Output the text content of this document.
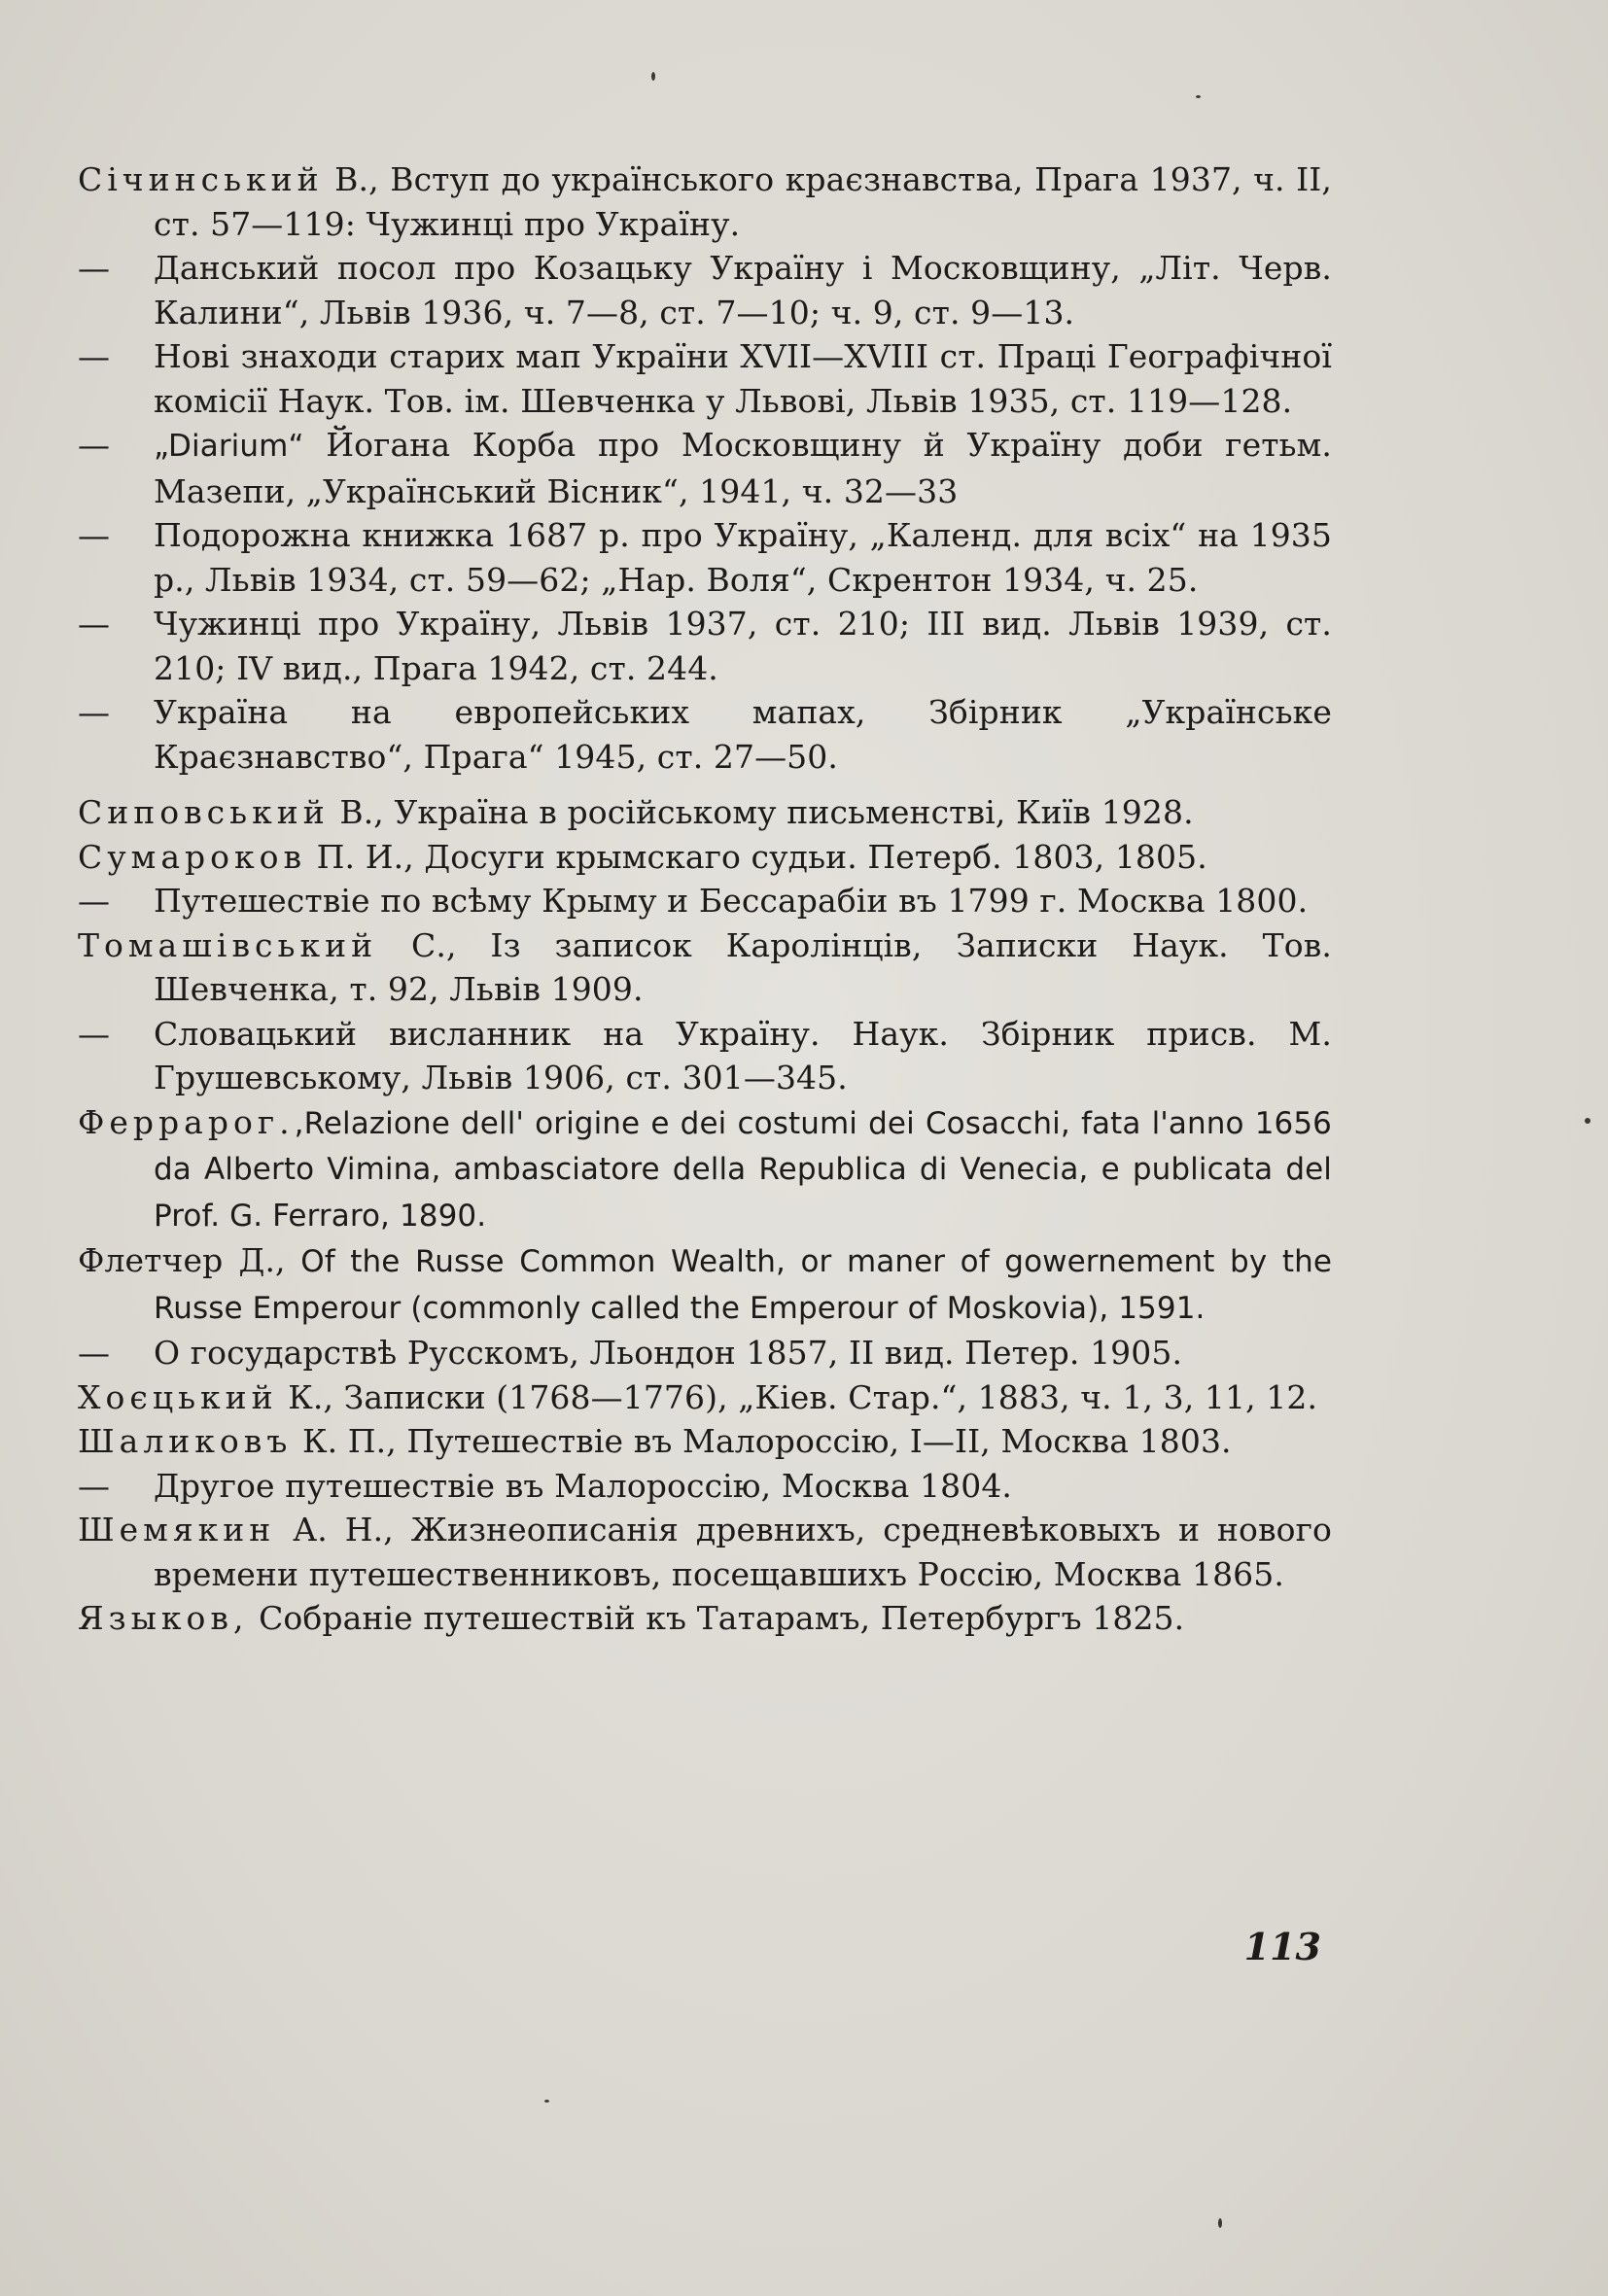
Січинський В., Вступ до українського краєзнавства, Прага 1937, ч. II, ст. 57—119: Чужинці про Україну.
—	Данський посол про Козацьку Україну і Московщину, „Літ. Черв. Калини“, Львів 1936, ч. 7—8, ст. 7—10; ч. 9, ст. 9—13.
—	Нові знаходи старих мап України XVII—XVIII ст. Праці Географічної комісії Наук. Тов. ім. Шевченка у Львові, Львів 1935, ст. 119—128.
—	„Diarium“ Йогана Корба про Московщину й Україну доби гетьм. Мазепи, „Український Вісник“, 1941, ч. 32—33
—	Подорожна книжка 1687 р. про Україну, „Календ. для всіх“ на 1935 р., Львів 1934, ст. 59—62; „Нар. Воля“, Скрентон 1934, ч. 25.
—	Чужинці про Україну, Львів 1937, ст. 210; III вид. Львів 1939, ст. 210; IV вид., Прага 1942, ст. 244.
—	Україна на европейських мапах, Збірник „Українське Краєзнавство“, Прага“ 1945, ст. 27—50.
Сиповський В., Україна в російському письменстві, Київ 1928.
Сумароков П. И., Досуги крымскаго судьи. Петерб. 1803, 1805.
—	Путешествіе по всѣму Крыму и Бессарабіи въ 1799 г. Москва 1800.
Томашівський С., Із записок Каролінців, Записки Наук. Тов. Шевченка, т. 92, Львів 1909.
—	Словацький висланник на Україну. Наук. Збірник присв. М. Грушевському, Львів 1906, ст. 301—345.
Феррарог.,Relazione dell' origine e dei costumi dei Cosacchi, fata l'anno 1656 da Alberto Vimina, ambasciatore della Republica di Venecia, e publicata del Prof. G. Ferraro, 1890.
Флетчер Д., Of the Russe Common Wealth, or maner of gowernement by the Russe Emperour (commonly called the Emperour of Moskovia), 1591.
—	О государствѣ Русскомъ, Льондон 1857, II вид. Петер. 1905.
Хоєцький К., Записки (1768—1776), „Кіев. Стар.“, 1883, ч. 1, 3, 11, 12.
Шаликовъ К. П., Путешествіе въ Малороссію, I—II, Москва 1803.
—	Другое путешествіе въ Малороссію, Москва 1804.
Шемякин А. Н., Жизнеописанія древнихъ, средневѣковыхъ и нового времени путешественниковъ, посещавшихъ Россію, Москва 1865.
Языков, Собраніе путешествій къ Татарамъ, Петербургъ 1825.
113
